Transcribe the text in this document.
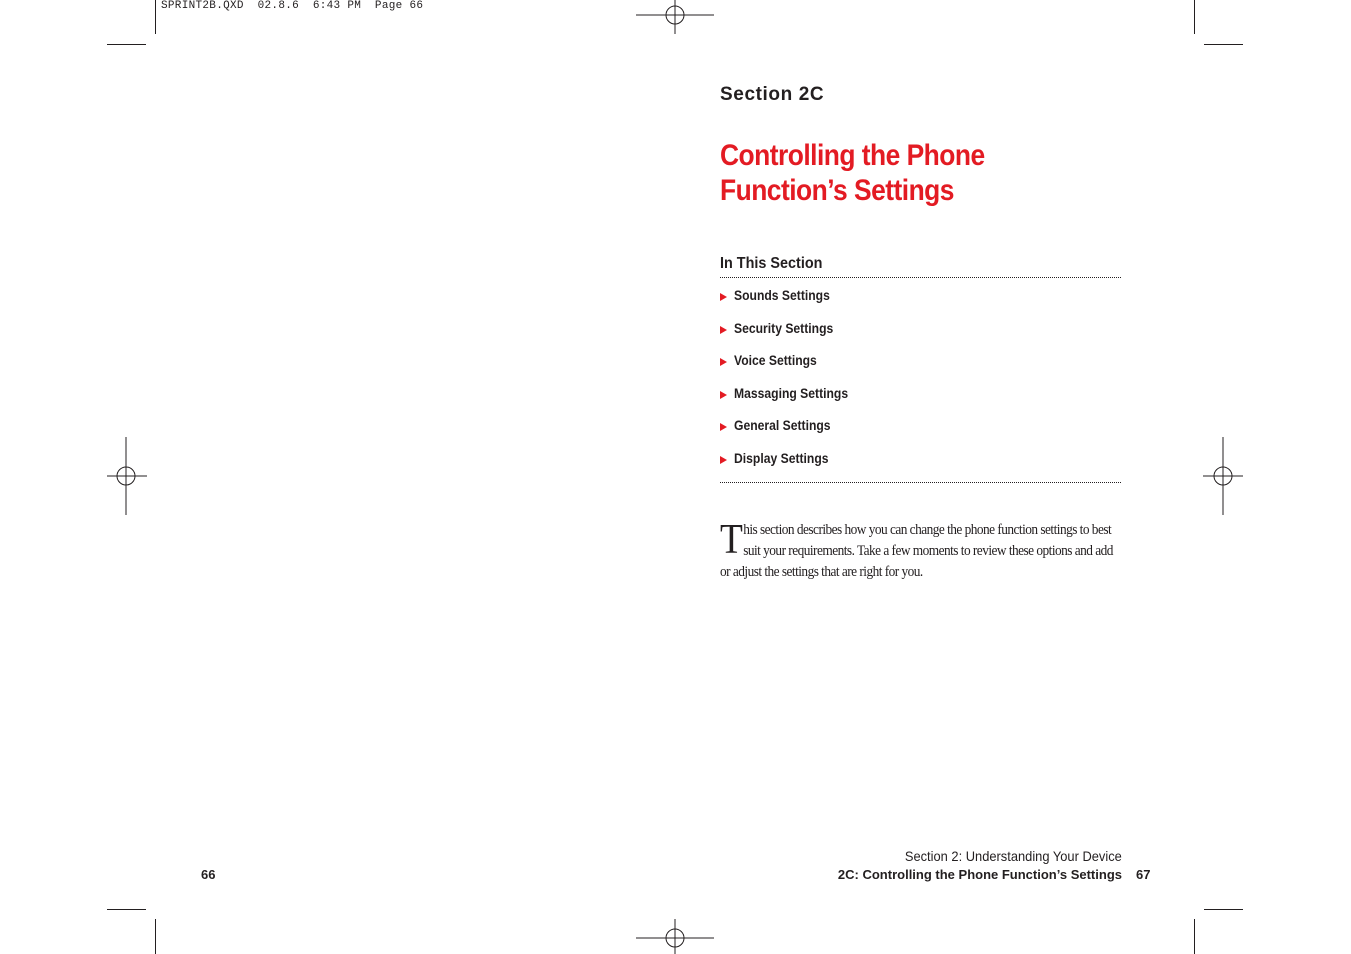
SPRINT2B.QXD  02.8.6  6:43 PM  Page 66
Section 2C
Controlling the Phone
Function’s Settings
In This Section
Sounds Settings
Security Settings
Voice Settings
Massaging Settings
General Settings
Display Settings
This section describes how you can change the phone function settings to best suit your requirements. Take a few moments to review these options and add or adjust the settings that are right for you.
Section 2: Understanding Your Device
2C: Controlling the Phone Function’s Settings 67
66
